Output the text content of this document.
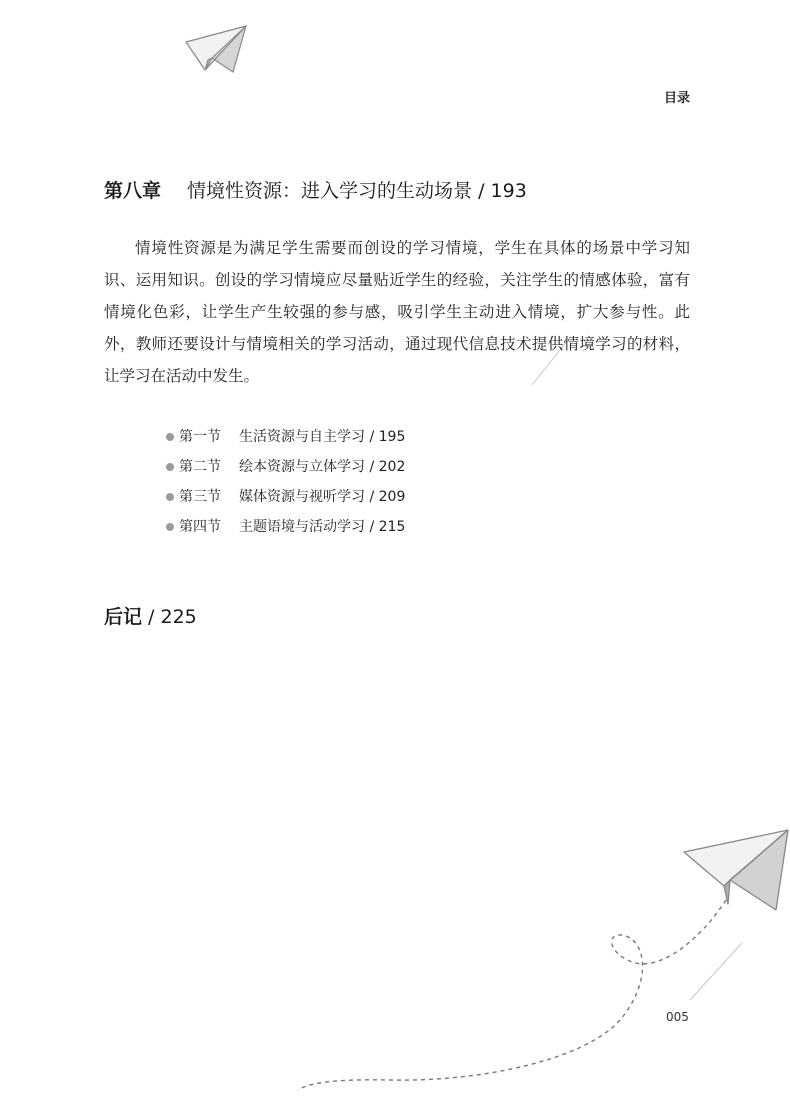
目录
第八章 情境性资源：进入学习的生动场景 / 193

情境性资源是为满足学生需要而创设的学习情境，学生在具体的场景中学习知识、运用知识。创设的学习情境应尽量贴近学生的经验，关注学生的情感体验，富有情境化色彩，让学生产生较强的参与感，吸引学生主动进入情境，扩大参与性。此外，教师还要设计与情境相关的学习活动，通过现代信息技术提供情境学习的材料，让学习在活动中发生。

第一节 生活资源与自主学习 / 195
第二节 绘本资源与立体学习 / 202
第三节 媒体资源与视听学习 / 209
第四节 主题语境与活动学习 / 215
后记 / 225
005
